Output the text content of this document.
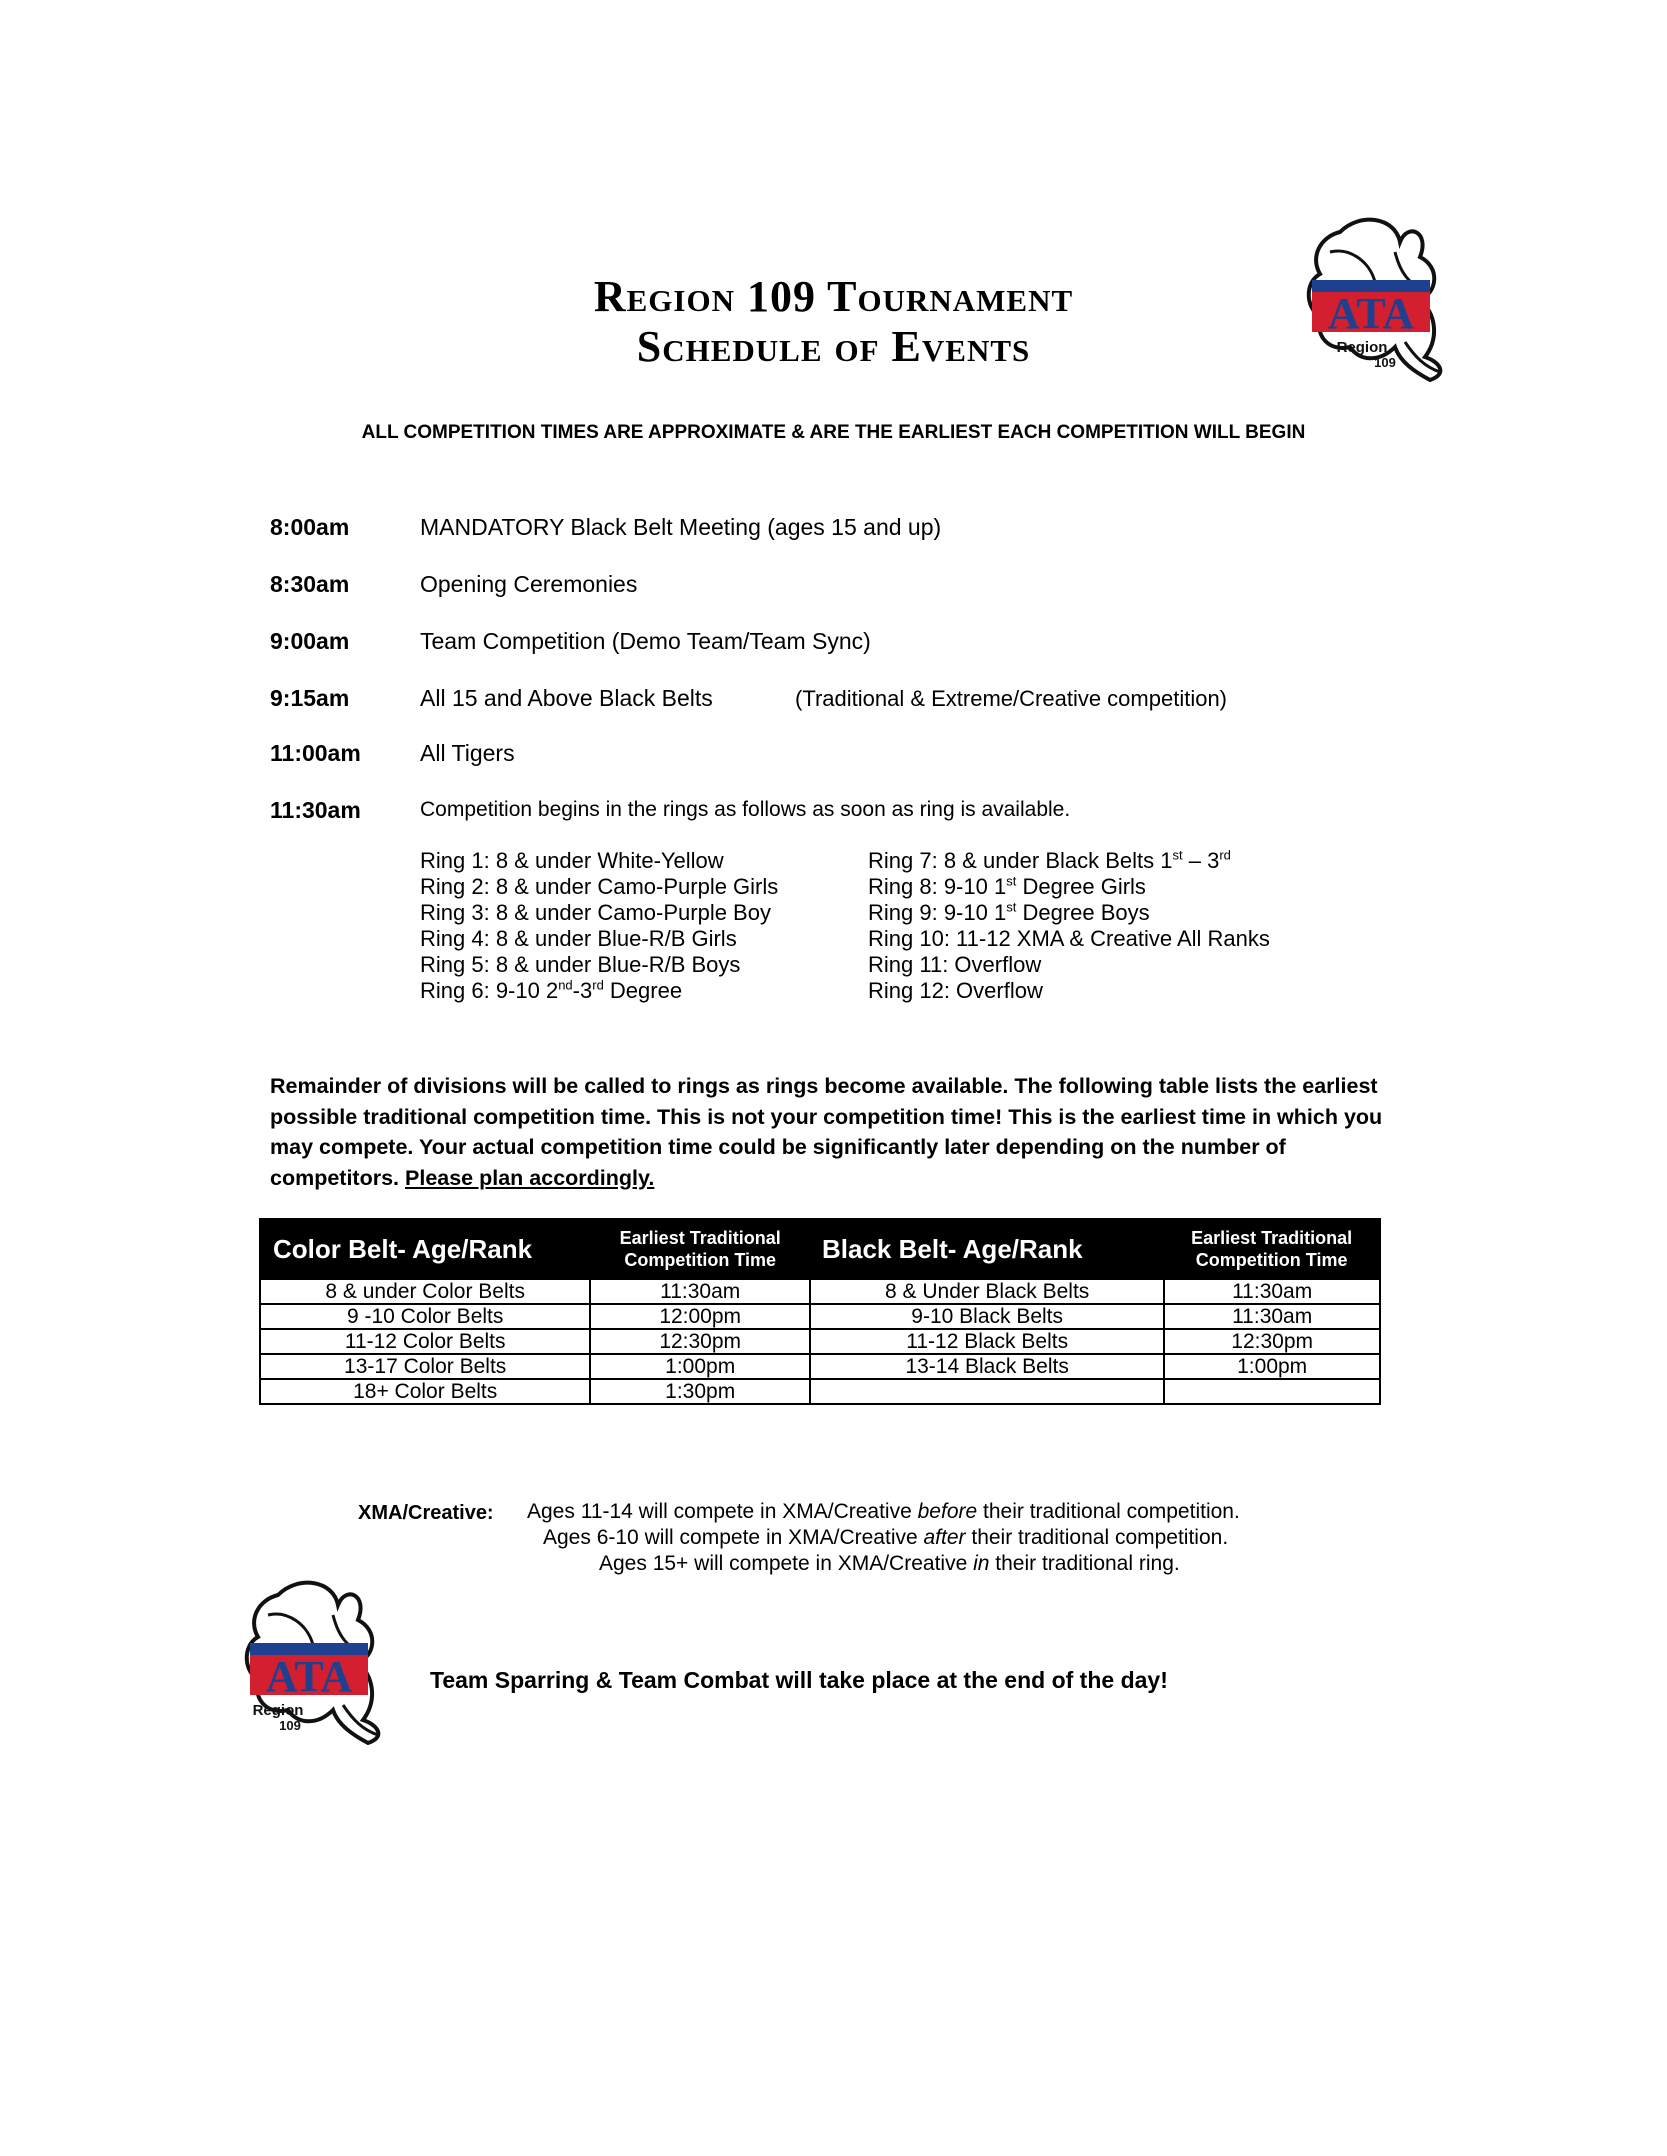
Region 109 Tournament
Schedule of Events
ALL COMPETITION TIMES ARE APPROXIMATE & ARE THE EARLIEST EACH COMPETITION WILL BEGIN
ATA
Region
109
8:00am	MANDATORY Black Belt Meeting (ages 15 and up)
8:30am	Opening Ceremonies
9:00am	Team Competition (Demo Team/Team Sync)
9:15am	All 15 and Above Black Belts	(Traditional & Extreme/Creative competition)
11:00am	All Tigers
11:30am	Competition begins in the rings as follows as soon as ring is available.
Ring 1: 8 & under White-Yellow
Ring 2: 8 & under Camo-Purple Girls
Ring 3: 8 & under Camo-Purple Boy
Ring 4: 8 & under Blue-R/B Girls
Ring 5: 8 & under Blue-R/B Boys
Ring 6: 9-10 2nd-3rd Degree
Ring 7: 8 & under Black Belts 1st – 3rd
Ring 8: 9-10 1st Degree Girls
Ring 9: 9-10 1st Degree Boys
Ring 10: 11-12 XMA & Creative All Ranks
Ring 11: Overflow
Ring 12: Overflow
Remainder of divisions will be called to rings as rings become available. The following table lists the earliest possible traditional competition time. This is not your competition time! This is the earliest time in which you may compete. Your actual competition time could be significantly later depending on the number of competitors. Please plan accordingly.
Color Belt- Age/Rank	Earliest Traditional Competition Time	Black Belt- Age/Rank	Earliest Traditional Competition Time
8 & under Color Belts	11:30am	8 & Under Black Belts	11:30am
9 -10 Color Belts	12:00pm	9-10 Black Belts	11:30am
11-12 Color Belts	12:30pm	11-12 Black Belts	12:30pm
13-17 Color Belts	1:00pm	13-14 Black Belts	1:00pm
18+ Color Belts	1:30pm		
XMA/Creative: Ages 11-14 will compete in XMA/Creative before their traditional competition.
Ages 6-10 will compete in XMA/Creative after their traditional competition.
Ages 15+ will compete in XMA/Creative in their traditional ring.
ATA
Region
109
Team Sparring & Team Combat will take place at the end of the day!
